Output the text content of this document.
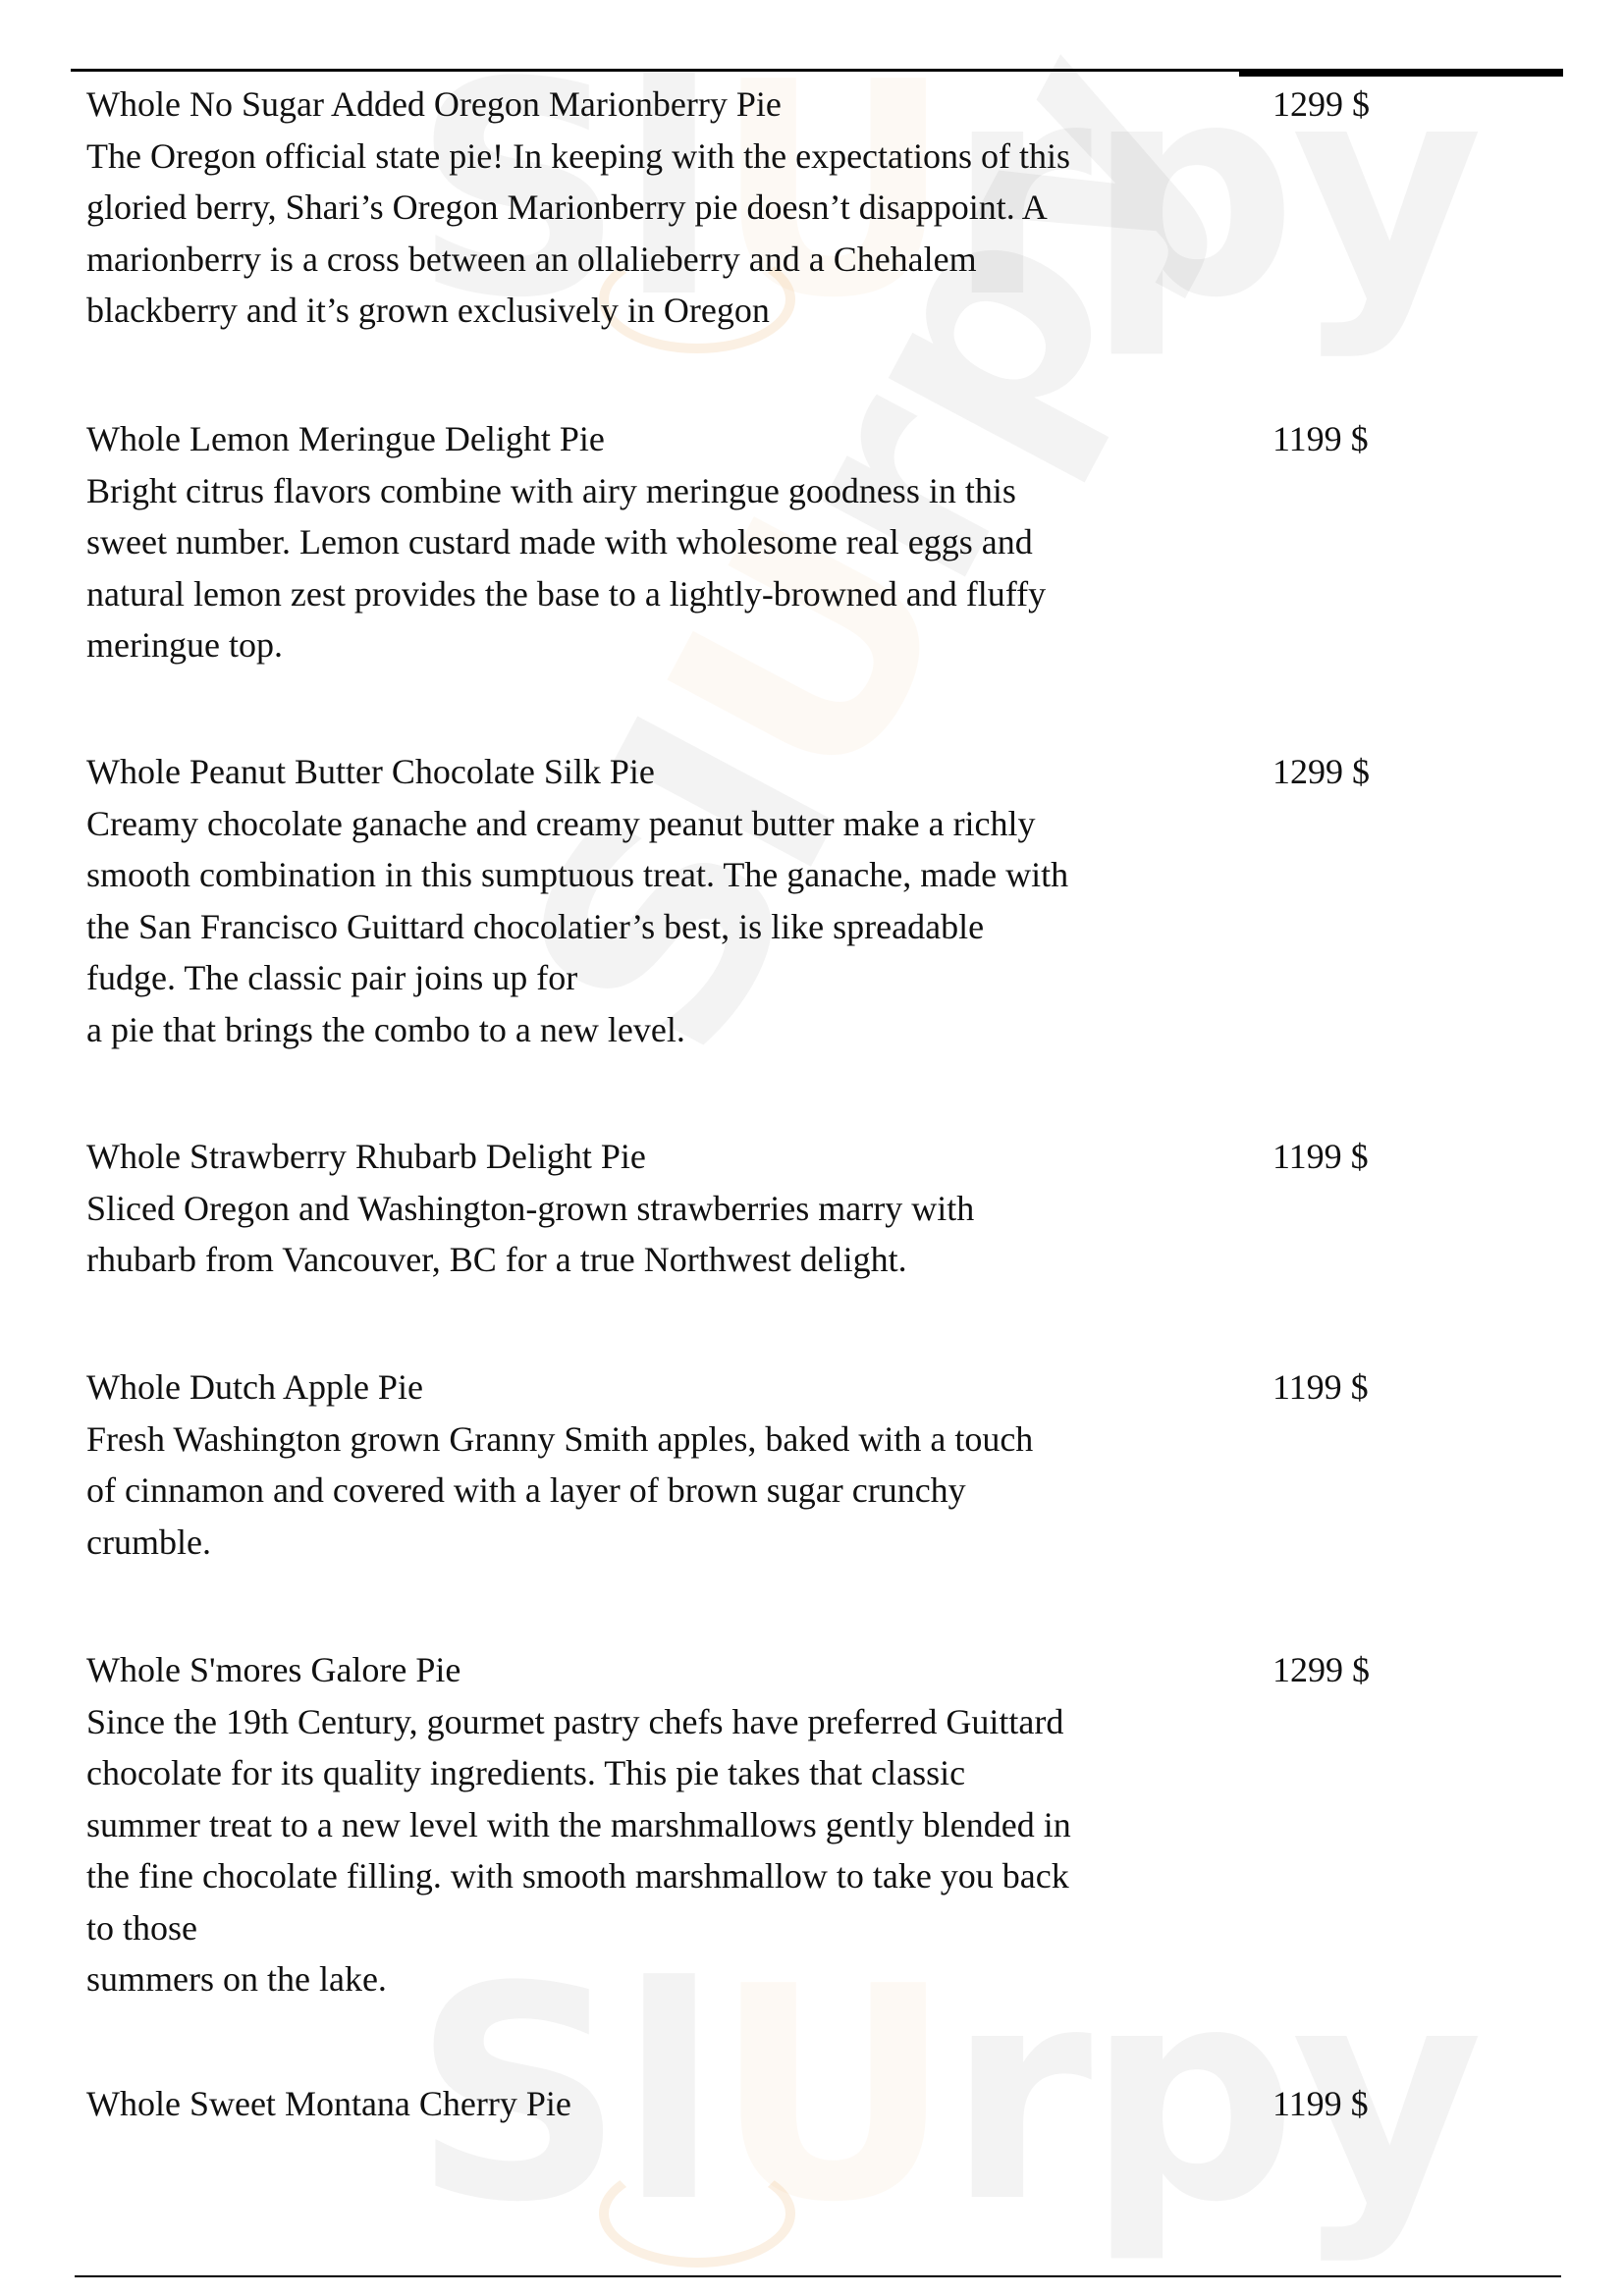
Whole No Sugar Added Oregon Marionberry Pie

The Oregon official state pie! In keeping with the expectations of this
gloried berry, Shari’s Oregon Marionberry pie doesn’t disappoint. A
marionberry is a cross between an ollalieberry and a Chehalem
blackberry and it’s grown exclusively in Oregon

1299 $

Whole Lemon Meringue Delight Pie

Bright citrus flavors combine with airy meringue goodness in this
sweet number. Lemon custard made with wholesome real eggs and
natural lemon zest provides the base to a lightly-browned and fluffy
meringue top.

1199 $

Whole Peanut Butter Chocolate Silk Pie

Creamy chocolate ganache and creamy peanut butter make a richly
smooth combination in this sumptuous treat. The ganache, made with
the San Francisco Guittard chocolatier’s best, is like spreadable
fudge. The classic pair joins up for
a pie that brings the combo to a new level.

1299 $

Whole Strawberry Rhubarb Delight Pie

Sliced Oregon and Washington-grown strawberries marry with
rhubarb from Vancouver, BC for a true Northwest delight.

1199 $

Whole Dutch Apple Pie

Fresh Washington grown Granny Smith apples, baked with a touch
of cinnamon and covered with a layer of brown sugar crunchy
crumble.

1199 $

Whole S'mores Galore Pie

Since the 19th Century, gourmet pastry chefs have preferred Guittard
chocolate for its quality ingredients. This pie takes that classic
summer treat to a new level with the marshmallows gently blended in
the fine chocolate filling. with smooth marshmallow to take you back
to those
summers on the lake.

1299 $

Whole Sweet Montana Cherry Pie	1199 $
